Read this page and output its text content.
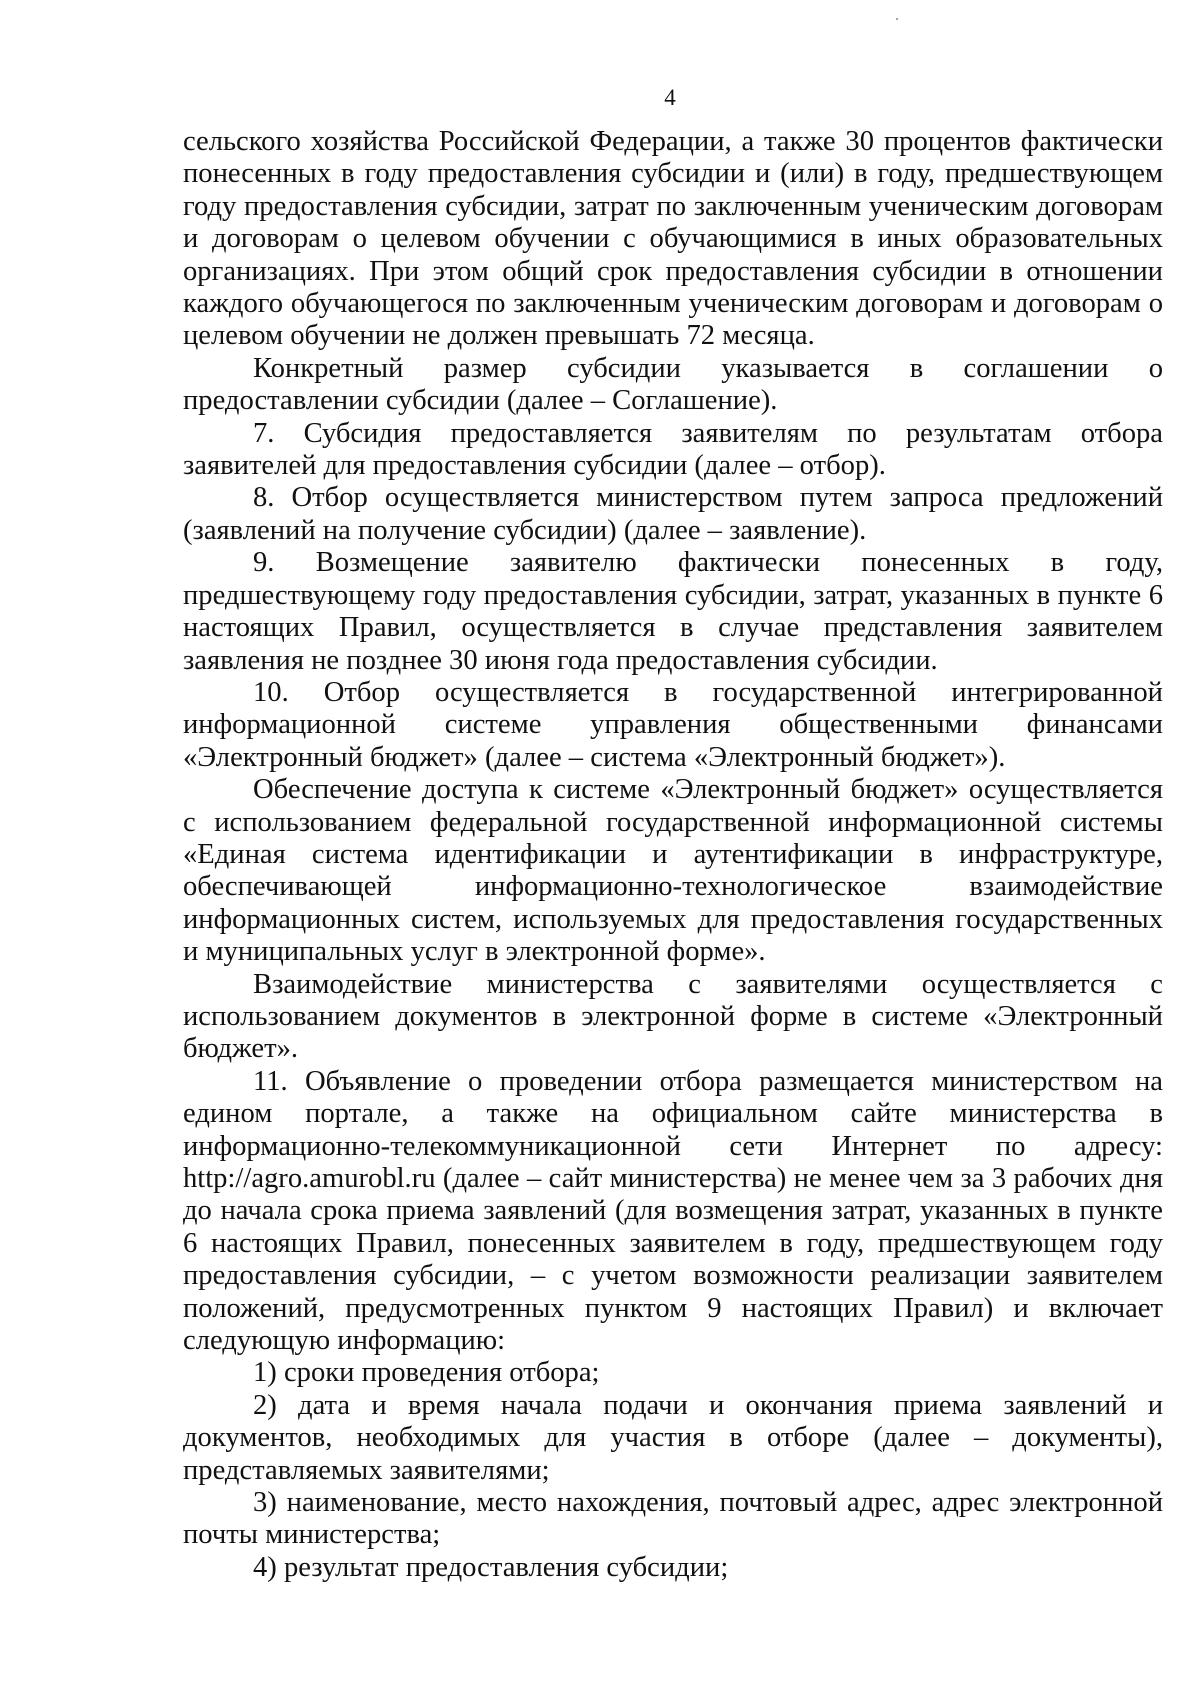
4

сельского хозяйства Российской Федерации, а также 30 процентов фактически понесенных в году предоставления субсидии и (или) в году, предшествующем году предоставления субсидии, затрат по заключенным ученическим договорам и договорам о целевом обучении с обучающимися в иных образовательных организациях. При этом общий срок предоставления субсидии в отношении каждого обучающегося по заключенным ученическим договорам и договорам о целевом обучении не должен превышать 72 месяца.

Конкретный размер субсидии указывается в соглашении о предоставлении субсидии (далее – Соглашение).

7. Субсидия предоставляется заявителям по результатам отбора заявителей для предоставления субсидии (далее – отбор).

8. Отбор осуществляется министерством путем запроса предложений (заявлений на получение субсидии) (далее – заявление).

9. Возмещение заявителю фактически понесенных в году, предшествующему году предоставления субсидии, затрат, указанных в пункте 6 настоящих Правил, осуществляется в случае представления заявителем заявления не позднее 30 июня года предоставления субсидии.

10. Отбор осуществляется в государственной интегрированной информационной системе управления общественными финансами «Электронный бюджет» (далее – система «Электронный бюджет»).

Обеспечение доступа к системе «Электронный бюджет» осуществляется с использованием федеральной государственной информационной системы «Единая система идентификации и аутентификации в инфраструктуре, обеспечивающей информационно-технологическое взаимодействие информационных систем, используемых для предоставления государственных и муниципальных услуг в электронной форме».

Взаимодействие министерства с заявителями осуществляется с использованием документов в электронной форме в системе «Электронный бюджет».

11. Объявление о проведении отбора размещается министерством на едином портале, а также на официальном сайте министерства в информационно-телекоммуникационной сети Интернет по адресу: http://agro.amurobl.ru (далее – сайт министерства) не менее чем за 3 рабочих дня до начала срока приема заявлений (для возмещения затрат, указанных в пункте 6 настоящих Правил, понесенных заявителем в году, предшествующем году предоставления субсидии, – с учетом возможности реализации заявителем положений, предусмотренных пунктом 9 настоящих Правил) и включает следующую информацию:

1) сроки проведения отбора;

2) дата и время начала подачи и окончания приема заявлений и документов, необходимых для участия в отборе (далее – документы), представляемых заявителями;

3) наименование, место нахождения, почтовый адрес, адрес электронной почты министерства;

4) результат предоставления субсидии;
